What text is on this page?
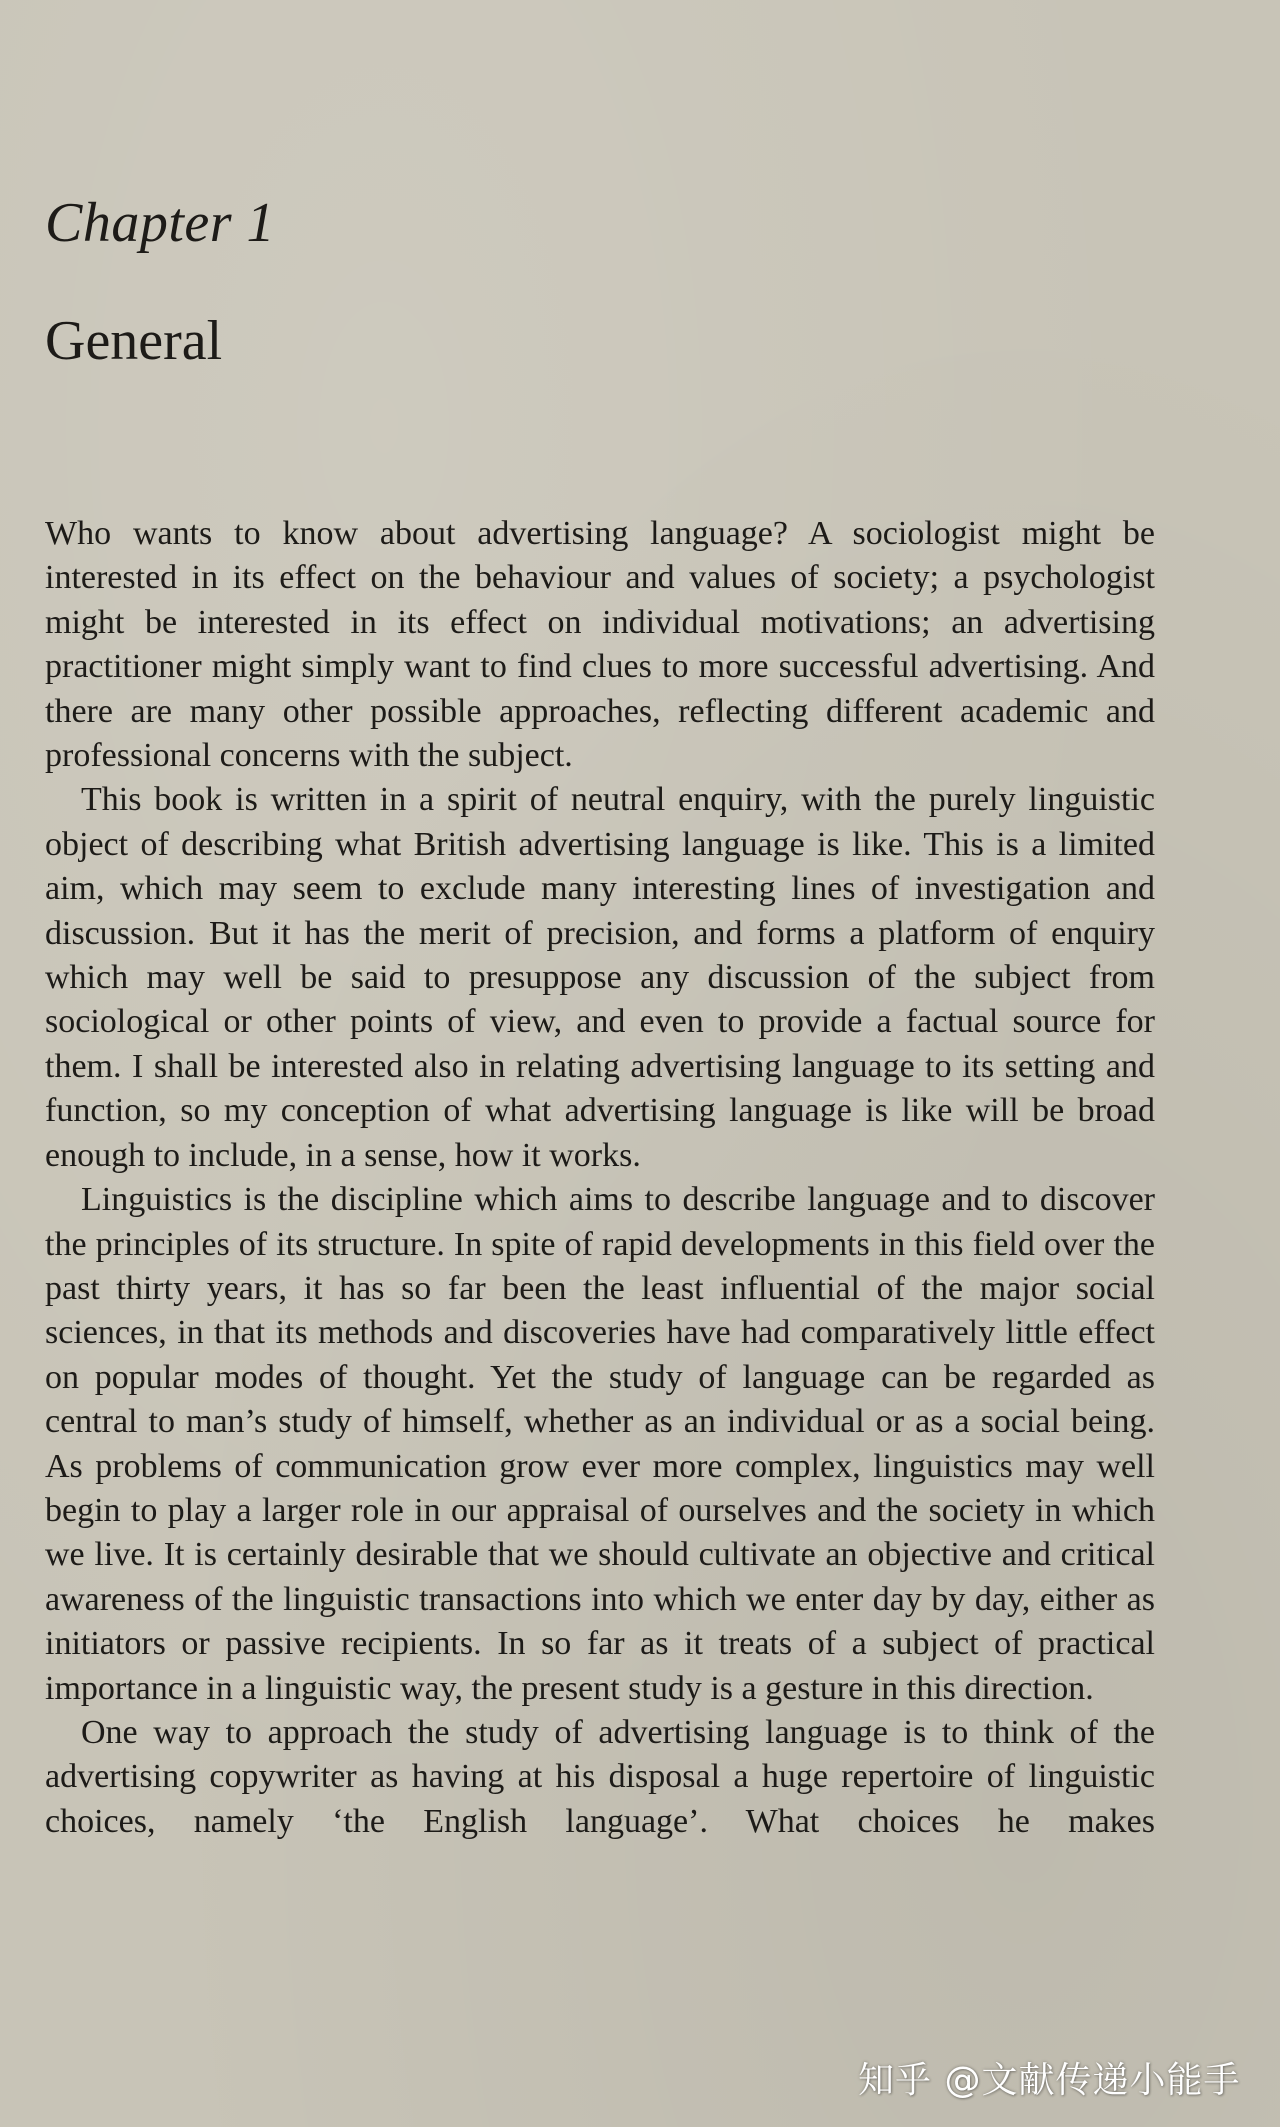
Chapter 1
General

Who wants to know about advertising language? A sociologist might be interested in its effect on the behaviour and values of society; a psychologist might be interested in its effect on individual motivations; an advertising practitioner might simply want to find clues to more successful advertising. And there are many other possible approaches, reflecting different academic and professional concerns with the subject.

This book is written in a spirit of neutral enquiry, with the purely linguistic object of describing what British advertising language is like. This is a limited aim, which may seem to exclude many interesting lines of investigation and discussion. But it has the merit of precision, and forms a platform of enquiry which may well be said to presuppose any discussion of the subject from sociological or other points of view, and even to provide a factual source for them. I shall be interested also in relating advertising language to its setting and function, so my conception of what advertising language is like will be broad enough to include, in a sense, how it works.

Linguistics is the discipline which aims to describe language and to discover the principles of its structure. In spite of rapid developments in this field over the past thirty years, it has so far been the least influential of the major social sciences, in that its methods and discoveries have had comparatively little effect on popular modes of thought. Yet the study of language can be regarded as central to man’s study of himself, whether as an individual or as a social being. As problems of communication grow ever more complex, linguistics may well begin to play a larger role in our appraisal of ourselves and the society in which we live. It is certainly desirable that we should cultivate an objective and critical awareness of the linguistic transactions into which we enter day by day, either as initiators or passive recipients. In so far as it treats of a subject of practical importance in a linguistic way, the present study is a gesture in this direction.

One way to approach the study of advertising language is to think of the advertising copywriter as having at his disposal a huge repertoire of linguistic choices, namely ‘the English language’. What choices he makes

知乎 @文献传递小能手
